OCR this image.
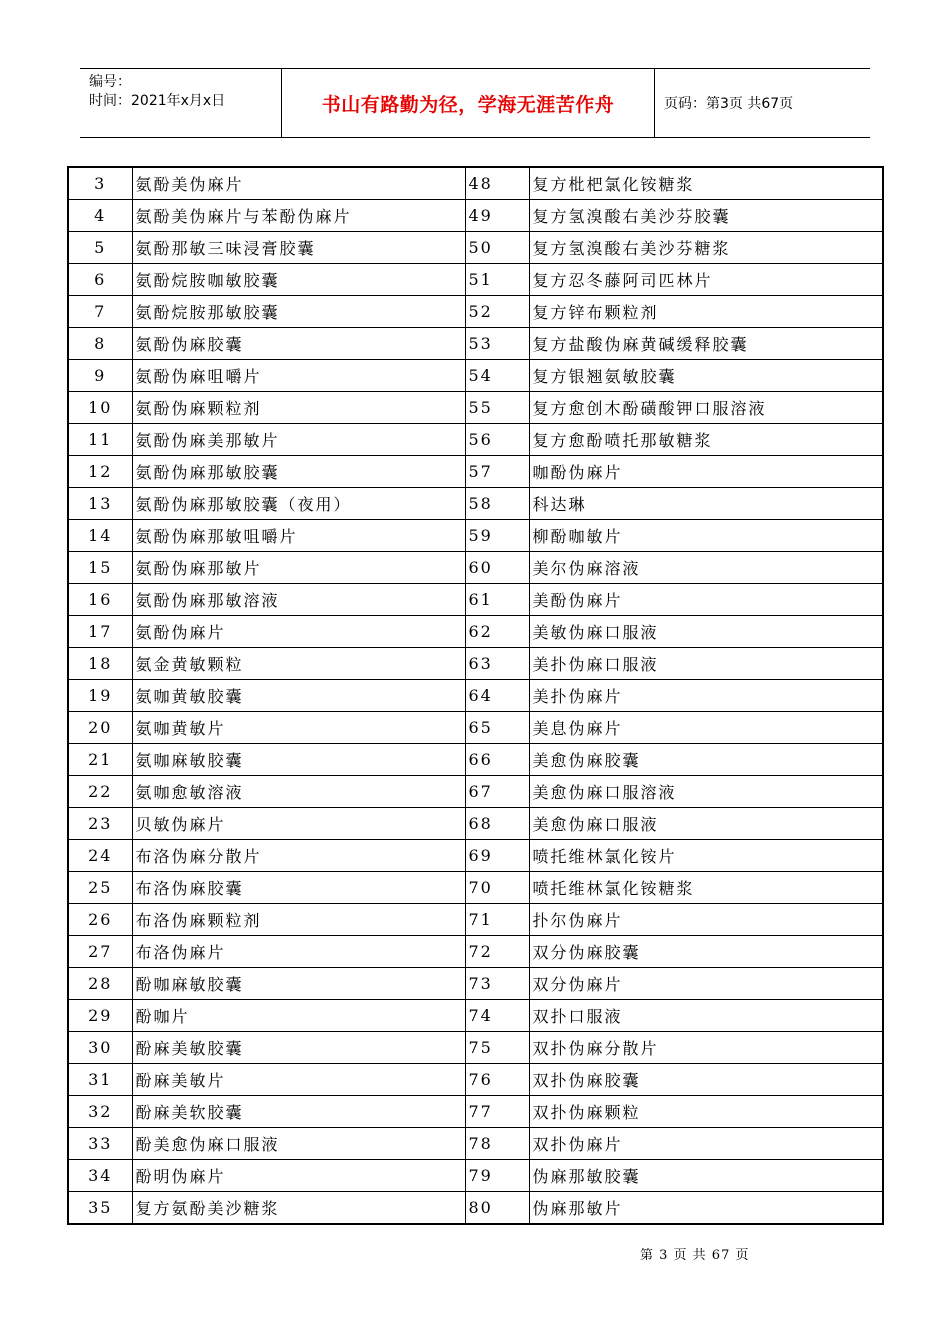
编号：
时间：2021年x月x日	书山有路勤为径，学海无涯苦作舟	页码：第3页 共67页
3	氨酚美伪麻片	48	复方枇杷氯化铵糖浆
4	氨酚美伪麻片与苯酚伪麻片	49	复方氢溴酸右美沙芬胶囊
5	氨酚那敏三味浸膏胶囊	50	复方氢溴酸右美沙芬糖浆
6	氨酚烷胺咖敏胶囊	51	复方忍冬藤阿司匹林片
7	氨酚烷胺那敏胶囊	52	复方锌布颗粒剂
8	氨酚伪麻胶囊	53	复方盐酸伪麻黄碱缓释胶囊
9	氨酚伪麻咀嚼片	54	复方银翘氨敏胶囊
10	氨酚伪麻颗粒剂	55	复方愈创木酚磺酸钾口服溶液
11	氨酚伪麻美那敏片	56	复方愈酚喷托那敏糖浆
12	氨酚伪麻那敏胶囊	57	咖酚伪麻片
13	氨酚伪麻那敏胶囊（夜用）	58	科达琳
14	氨酚伪麻那敏咀嚼片	59	柳酚咖敏片
15	氨酚伪麻那敏片	60	美尔伪麻溶液
16	氨酚伪麻那敏溶液	61	美酚伪麻片
17	氨酚伪麻片	62	美敏伪麻口服液
18	氨金黄敏颗粒	63	美扑伪麻口服液
19	氨咖黄敏胶囊	64	美扑伪麻片
20	氨咖黄敏片	65	美息伪麻片
21	氨咖麻敏胶囊	66	美愈伪麻胶囊
22	氨咖愈敏溶液	67	美愈伪麻口服溶液
23	贝敏伪麻片	68	美愈伪麻口服液
24	布洛伪麻分散片	69	喷托维林氯化铵片
25	布洛伪麻胶囊	70	喷托维林氯化铵糖浆
26	布洛伪麻颗粒剂	71	扑尔伪麻片
27	布洛伪麻片	72	双分伪麻胶囊
28	酚咖麻敏胶囊	73	双分伪麻片
29	酚咖片	74	双扑口服液
30	酚麻美敏胶囊	75	双扑伪麻分散片
31	酚麻美敏片	76	双扑伪麻胶囊
32	酚麻美软胶囊	77	双扑伪麻颗粒
33	酚美愈伪麻口服液	78	双扑伪麻片
34	酚明伪麻片	79	伪麻那敏胶囊
35	复方氨酚美沙糖浆	80	伪麻那敏片
第 3 页 共 67 页
